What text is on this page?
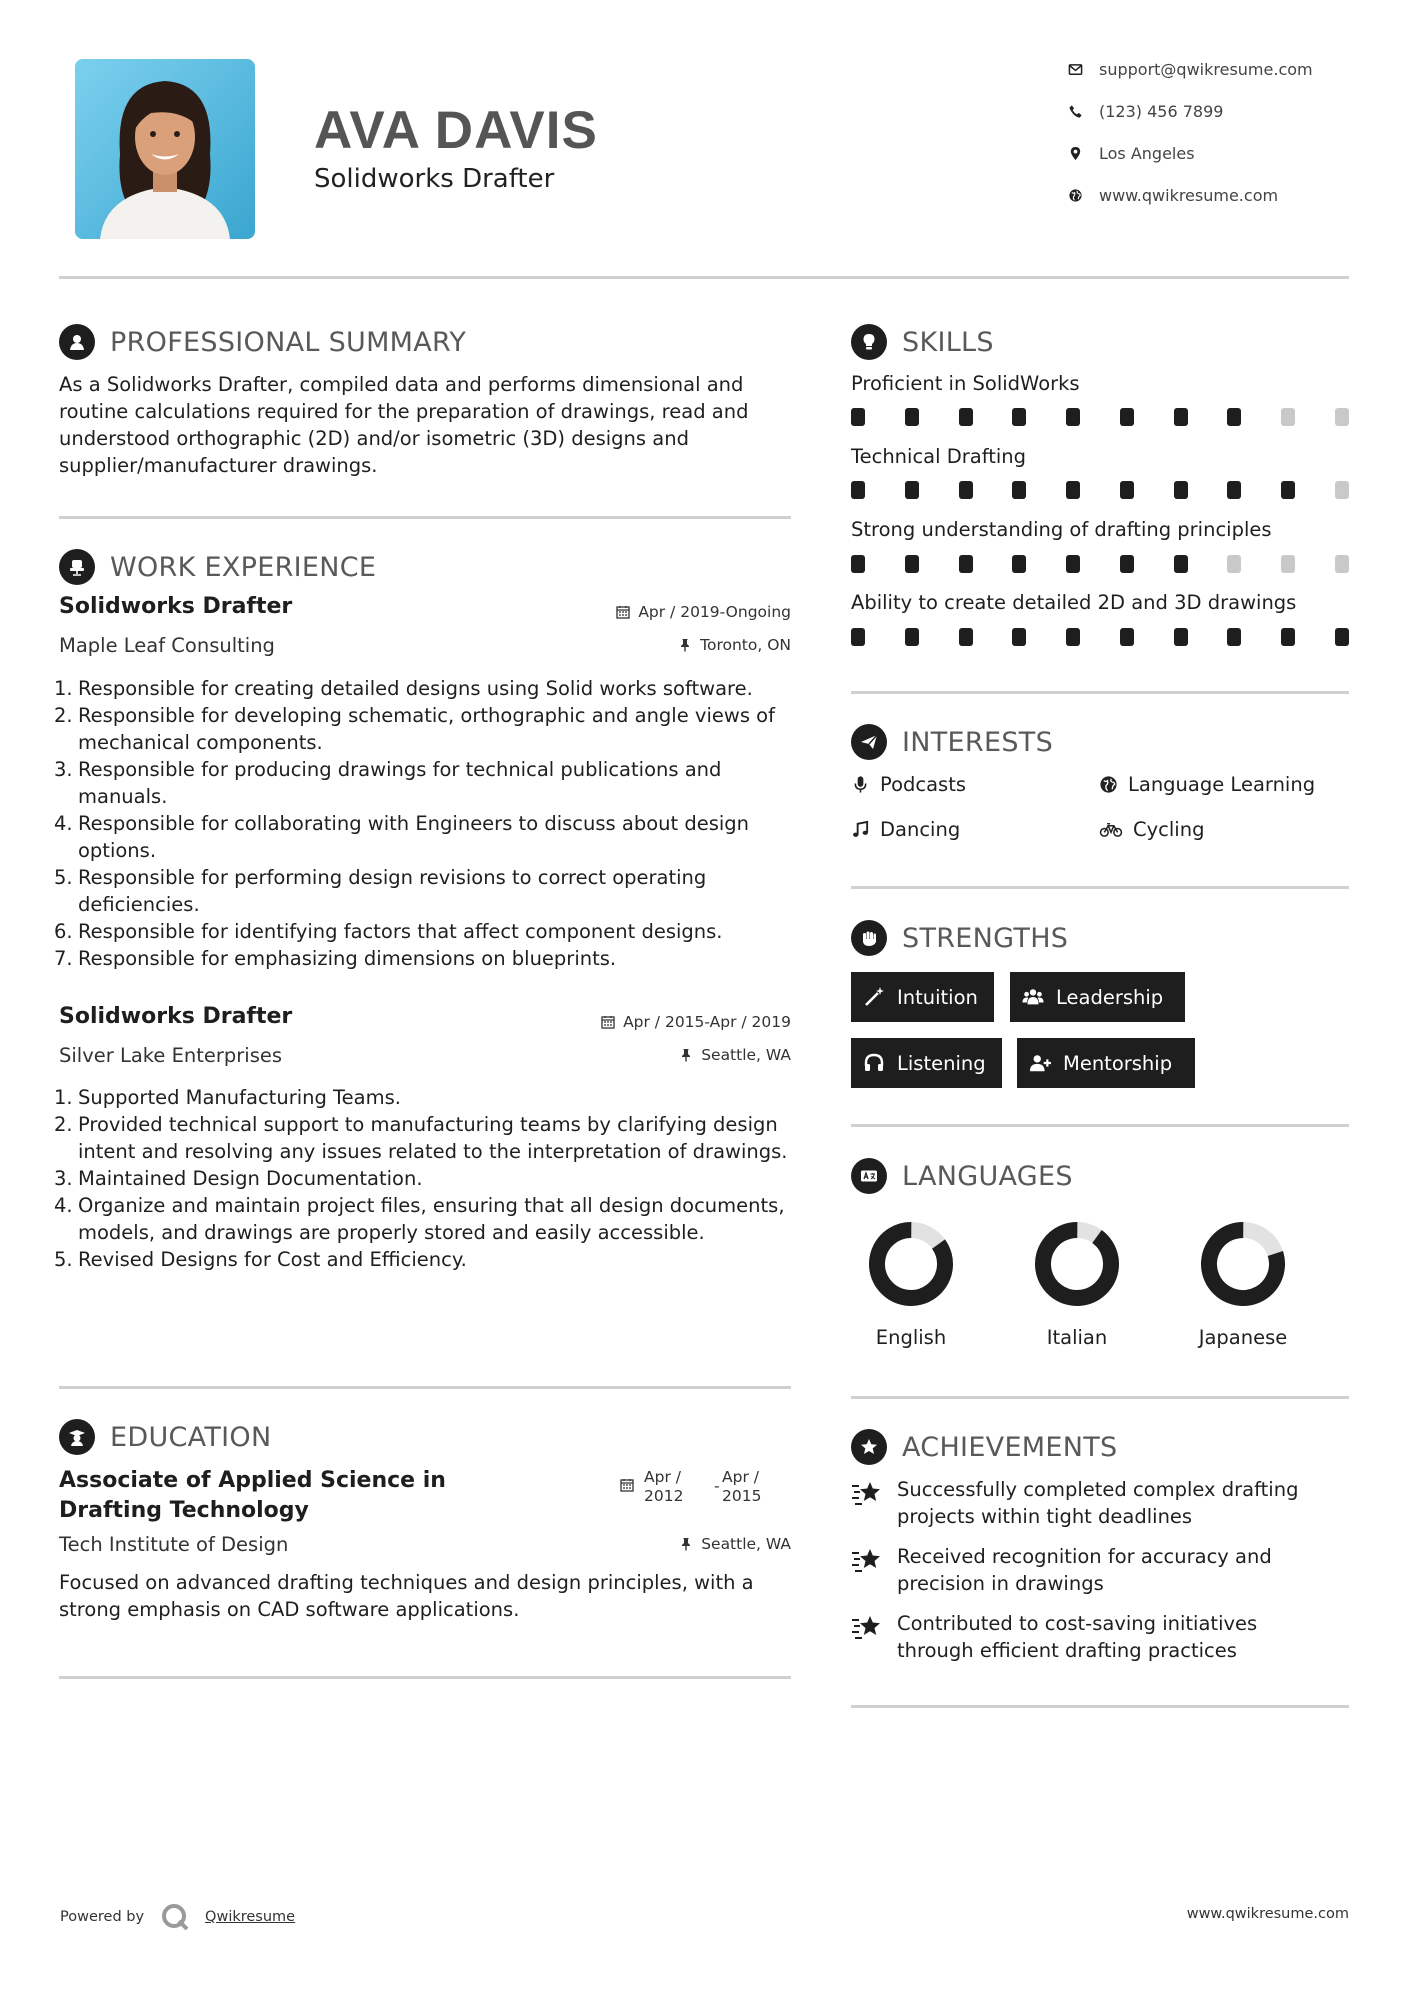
AVA DAVIS
Solidworks Drafter
support@qwikresume.com
(123) 456 7899
Los Angeles
www.qwikresume.com
PROFESSIONAL SUMMARY
As a Solidworks Drafter, compiled data and performs dimensional and routine calculations required for the preparation of drawings, read and understood orthographic (2D) and/or isometric (3D) designs and supplier/manufacturer drawings.
WORK EXPERIENCE
Solidworks Drafter	Apr / 2019-Ongoing
Maple Leaf Consulting	Toronto, ON
1. Responsible for creating detailed designs using Solid works software.
2. Responsible for developing schematic, orthographic and angle views of mechanical components.
3. Responsible for producing drawings for technical publications and manuals.
4. Responsible for collaborating with Engineers to discuss about design options.
5. Responsible for performing design revisions to correct operating deficiencies.
6. Responsible for identifying factors that affect component designs.
7. Responsible for emphasizing dimensions on blueprints.
Solidworks Drafter	Apr / 2015-Apr / 2019
Silver Lake Enterprises	Seattle, WA
1. Supported Manufacturing Teams.
2. Provided technical support to manufacturing teams by clarifying design intent and resolving any issues related to the interpretation of drawings.
3. Maintained Design Documentation.
4. Organize and maintain project files, ensuring that all design documents, models, and drawings are properly stored and easily accessible.
5. Revised Designs for Cost and Efficiency.
EDUCATION
Associate of Applied Science in Drafting Technology
Apr /
2012
- Apr /
2015
Tech Institute of Design	Seattle, WA
Focused on advanced drafting techniques and design principles, with a strong emphasis on CAD software applications.
SKILLS
Proficient in SolidWorks
Technical Drafting
Strong understanding of drafting principles
Ability to create detailed 2D and 3D drawings
INTERESTS
Podcasts	Language Learning
Dancing	Cycling
STRENGTHS
Intuition	Leadership
Listening	Mentorship
LANGUAGES
English	Italian	Japanese
ACHIEVEMENTS
Successfully completed complex drafting projects within tight deadlines
Received recognition for accuracy and precision in drawings
Contributed to cost-saving initiatives through efficient drafting practices
Powered by	Qwikresume	www.qwikresume.com
